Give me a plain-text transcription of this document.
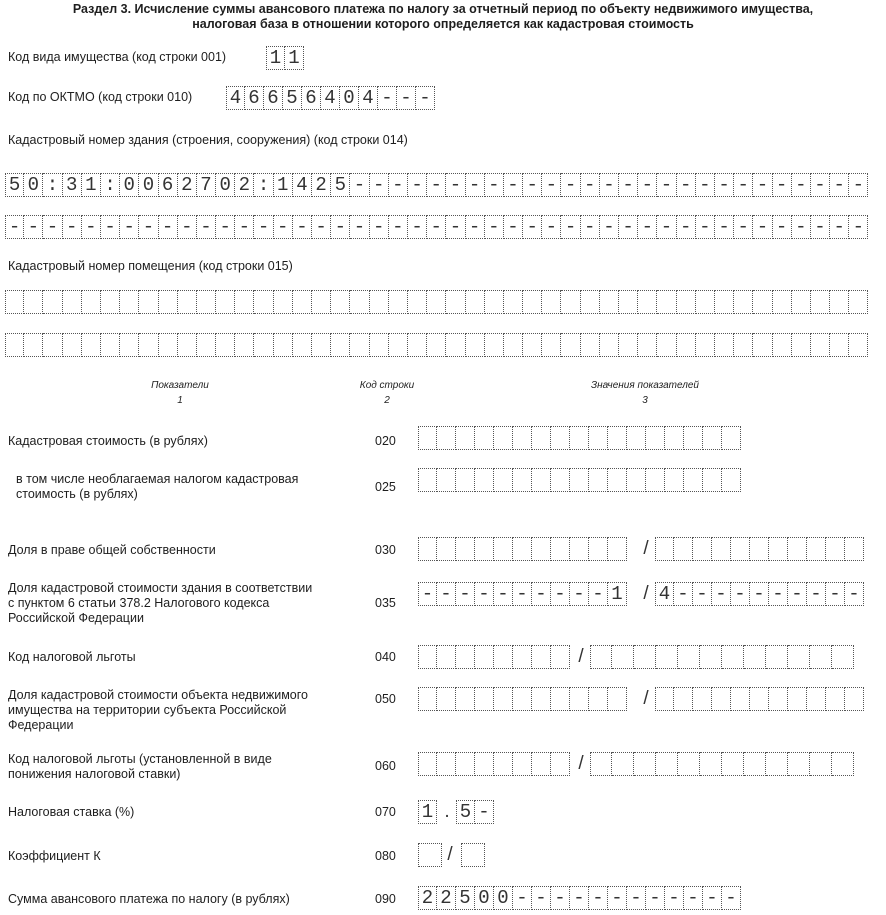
Раздел 3. Исчисление суммы авансового платежа по налогу за отчетный период по объекту недвижимого имущества,
налоговая база в отношении которого определяется как кадастровая стоимость
Код вида имущества (код строки 001) 1 1
Код по ОКТМО (код строки 010) 4 6 6 5 6 4 0 4 - - -
Кадастровый номер здания (строения, сооружения) (код строки 014)
5 0 : 3 1 : 0 0 6 2 7 0 2 : 1 4 2 5 - - - - - - - - - - - - - - - - - - - - - - - - - - -
- - - - - - - - - - - - - - - - - - - - - - - - - - - - - - - - - - - - - - - - - - - - -
Кадастровый номер помещения (код строки 015)
Показатели
1
Код строки
2
Значения показателей
3
Кадастровая стоимость (в рублях)	020
в том числе необлагаемая налогом кадастровая
стоимость (в рублях)	025
Доля в праве общей собственности	030	/
Доля кадастровой стоимости здания в соответствии
с пунктом 6 статьи 378.2 Налогового кодекса
Российской Федерации
035 - - - - - - - - - - 1 / 4 - - - - - - - - - -
Код налоговой льготы	040	/
Доля кадастровой стоимости объекта недвижимого
имущества на территории субъекта Российской
Федерации
050	/
Код налоговой льготы (установленной в виде
понижения налоговой ставки)
060	/
Налоговая ставка (%)	070 1 . 5 -
Коэффициент К	080	/
Сумма авансового платежа по налогу (в рублях)	090 2 2 5 0 0 - - - - - - - - - - - -
